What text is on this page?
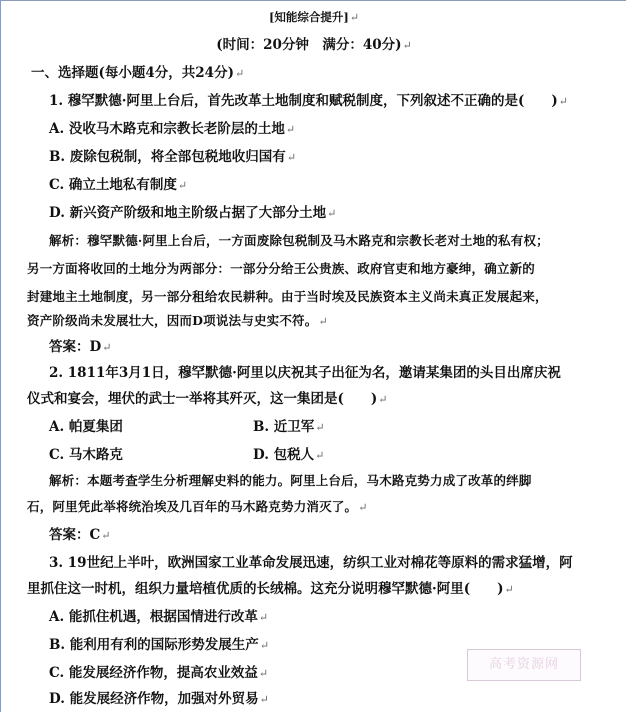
[知能综合提升]↵
(时间：20分钟　满分：40分)↵
一、选择题(每小题4分，共24分)↵
1. 穆罕默德·阿里上台后，首先改革土地制度和赋税制度，下列叙述不正确的是(　　)↵
A. 没收马木路克和宗教长老阶层的土地↵
B. 废除包税制，将全部包税地收归国有↵
C. 确立土地私有制度↵
D. 新兴资产阶级和地主阶级占据了大部分土地↵
解析：穆罕默德·阿里上台后，一方面废除包税制及马木路克和宗教长老对土地的私有权；
另一方面将收回的土地分为两部分：一部分分给王公贵族、政府官吏和地方豪绅，确立新的
封建地主土地制度，另一部分租给农民耕种。由于当时埃及民族资本主义尚未真正发展起来，
资产阶级尚未发展壮大，因而D项说法与史实不符。↵
答案：D↵
2. 1811年3月1日，穆罕默德·阿里以庆祝其子出征为名，邀请某集团的头目出席庆祝
仪式和宴会，埋伏的武士一举将其歼灭，这一集团是(　　)↵
A. 帕夏集团	B. 近卫军↵
C. 马木路克	D. 包税人↵
解析：本题考查学生分析理解史料的能力。阿里上台后，马木路克势力成了改革的绊脚
石，阿里凭此举将统治埃及几百年的马木路克势力消灭了。↵
答案：C↵
3. 19世纪上半叶，欧洲国家工业革命发展迅速，纺织工业对棉花等原料的需求猛增，阿
里抓住这一时机，组织力量培植优质的长绒棉。这充分说明穆罕默德·阿里(　　)↵
A. 能抓住机遇，根据国情进行改革↵
B. 能利用有利的国际形势发展生产↵
C. 能发展经济作物，提高农业效益↵
D. 能发展经济作物，加强对外贸易↵
高考资源网
